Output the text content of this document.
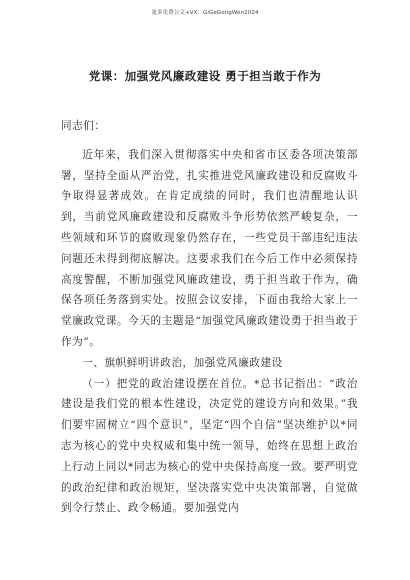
更多免费公文+VX：GiGeGongWen2024
党课：加强党风廉政建设 勇于担当敢于作为

同志们：

近年来，我们深入贯彻落实中央和省市区委各项决策部署，坚持全面从严治党，扎实推进党风廉政建设和反腐败斗争取得显著成效。在肯定成绩的同时，我们也清醒地认识到，当前党风廉政建设和反腐败斗争形势依然严峻复杂，一些领域和环节的腐败现象仍然存在，一些党员干部违纪违法问题还未得到彻底解决。这要求我们在今后工作中必须保持高度警醒，不断加强党风廉政建设，勇于担当敢于作为，确保各项任务落到实处。按照会议安排，下面由我给大家上一堂廉政党课。今天的主题是“加强党风廉政建设勇于担当敢于作为”。

一、旗帜鲜明讲政治，加强党风廉政建设

（一）把党的政治建设摆在首位。*总书记指出：“政治建设是我们党的根本性建设，决定党的建设方向和效果。”我们要牢固树立“四个意识”，坚定“四个自信”坚决维护以*同志为核心的党中央权威和集中统一领导，始终在思想上政治上行动上同以*同志为核心的党中央保持高度一致。要严明党的政治纪律和政治规矩，坚决落实党中央决策部署，自觉做到令行禁止、政令畅通。要加强党内
